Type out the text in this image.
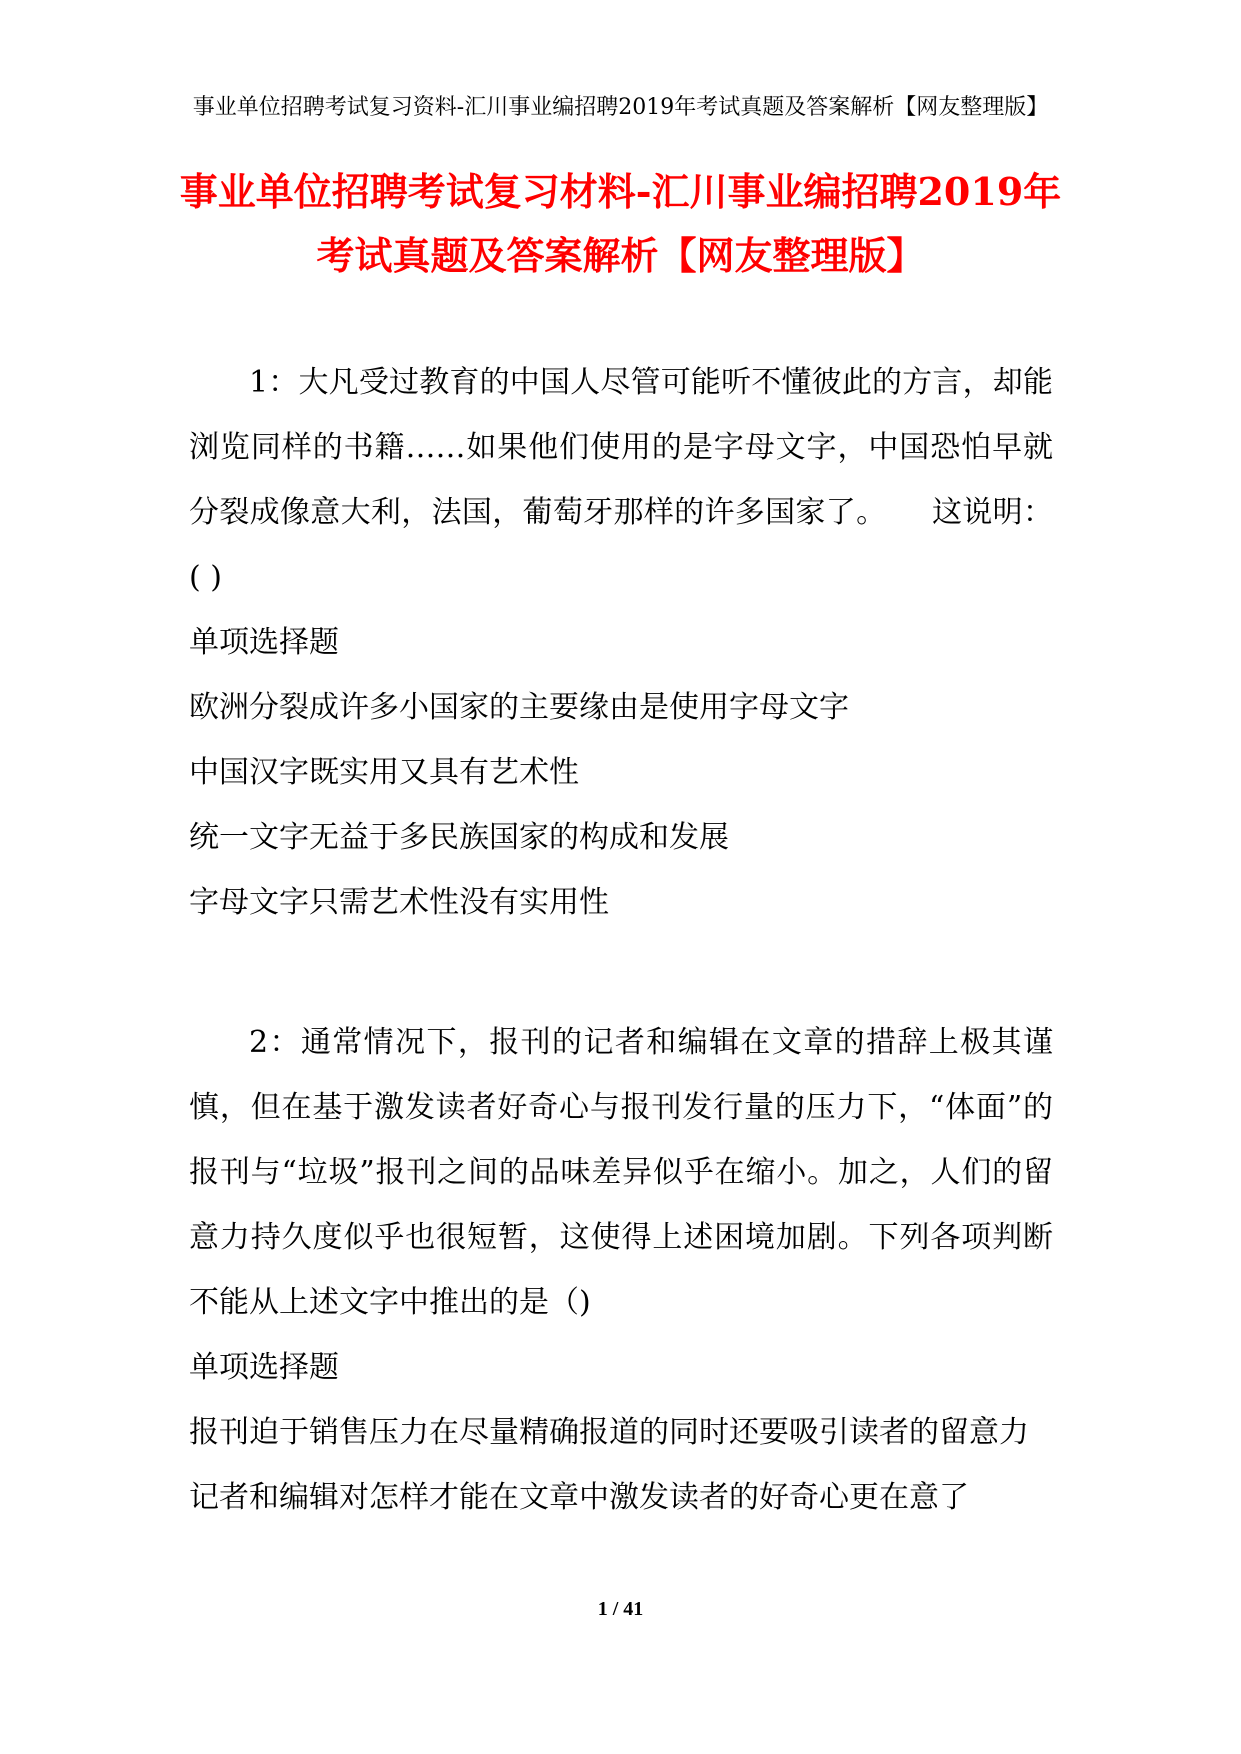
事业单位招聘考试复习资料-汇川事业编招聘2019年考试真题及答案解析【网友整理版】
事业单位招聘考试复习材料-汇川事业编招聘2019年
考试真题及答案解析【网友整理版】

1：大凡受过教育的中国人尽管可能听不懂彼此的方言，却能浏览同样的书籍……如果他们使用的是字母文字，中国恐怕早就分裂成像意大利，法国，葡萄牙那样的许多国家了。　　这说明：( )

单项选择题

欧洲分裂成许多小国家的主要缘由是使用字母文字

中国汉字既实用又具有艺术性

统一文字无益于多民族国家的构成和发展

字母文字只需艺术性没有实用性

2：通常情况下，报刊的记者和编辑在文章的措辞上极其谨慎，但在基于激发读者好奇心与报刊发行量的压力下，“体面”的报刊与“垃圾”报刊之间的品味差异似乎在缩小。加之，人们的留意力持久度似乎也很短暂，这使得上述困境加剧。下列各项判断不能从上述文字中推出的是（)

单项选择题

报刊迫于销售压力在尽量精确报道的同时还要吸引读者的留意力

记者和编辑对怎样才能在文章中激发读者的好奇心更在意了

1 / 41
